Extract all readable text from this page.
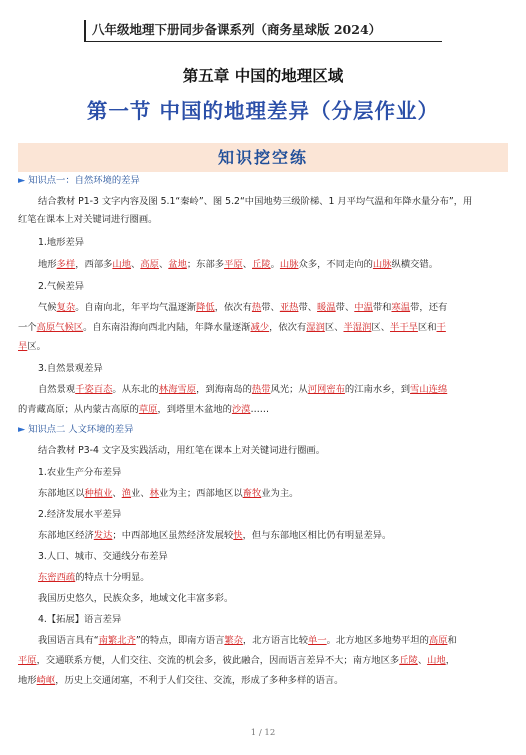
八年级地理下册同步备课系列（商务星球版 2024）
第五章 中国的地理区域
第一节 中国的地理差异（分层作业）
知识挖空练
► 知识点一：自然环境的差异
结合教材 P1-3 文字内容及图 5.1“秦岭”、图 5.2“中国地势三级阶梯、1 月平均气温和年降水量分布”，用
红笔在课本上对关键词进行圈画。
1.地形差异
地形多样，西部多山地、高原、盆地；东部多平原、丘陵。山脉众多，不同走向的山脉纵横交错。
2.气候差异
气候复杂。自南向北，年平均气温逐渐降低，依次有热带、亚热带、暖温带、中温带和寒温带，还有
一个高原气候区。自东南沿海向西北内陆，年降水量逐渐减少，依次有湿润区、半湿润区、半干旱区和干
旱区。
3.自然景观差异
自然景观千姿百态。从东北的林海雪原，到海南岛的热带风光；从河网密布的江南水乡，到雪山连绵
的青藏高原；从内蒙古高原的草原，到塔里木盆地的沙漠……
► 知识点二 人文环境的差异
结合教材 P3-4 文字及实践活动，用红笔在课本上对关键词进行圈画。
1.农业生产分布差异
东部地区以种植业、渔业、林业为主；西部地区以畜牧业为主。
2.经济发展水平差异
东部地区经济发达；中西部地区虽然经济发展较快，但与东部地区相比仍有明显差异。
3.人口、城市、交通线分布差异
东密西疏的特点十分明显。
我国历史悠久，民族众多，地域文化丰富多彩。
4.【拓展】语言差异
我国语言具有“南繁北齐”的特点，即南方语言繁杂，北方语言比较单一。北方地区多地势平坦的高原和
平原，交通联系方便，人们交往、交流的机会多，彼此融合，因而语言差异不大；南方地区多丘陵、山地，
地形崎岖，历史上交通闭塞，不利于人们交往、交流，形成了多种多样的语言。
1 / 12
